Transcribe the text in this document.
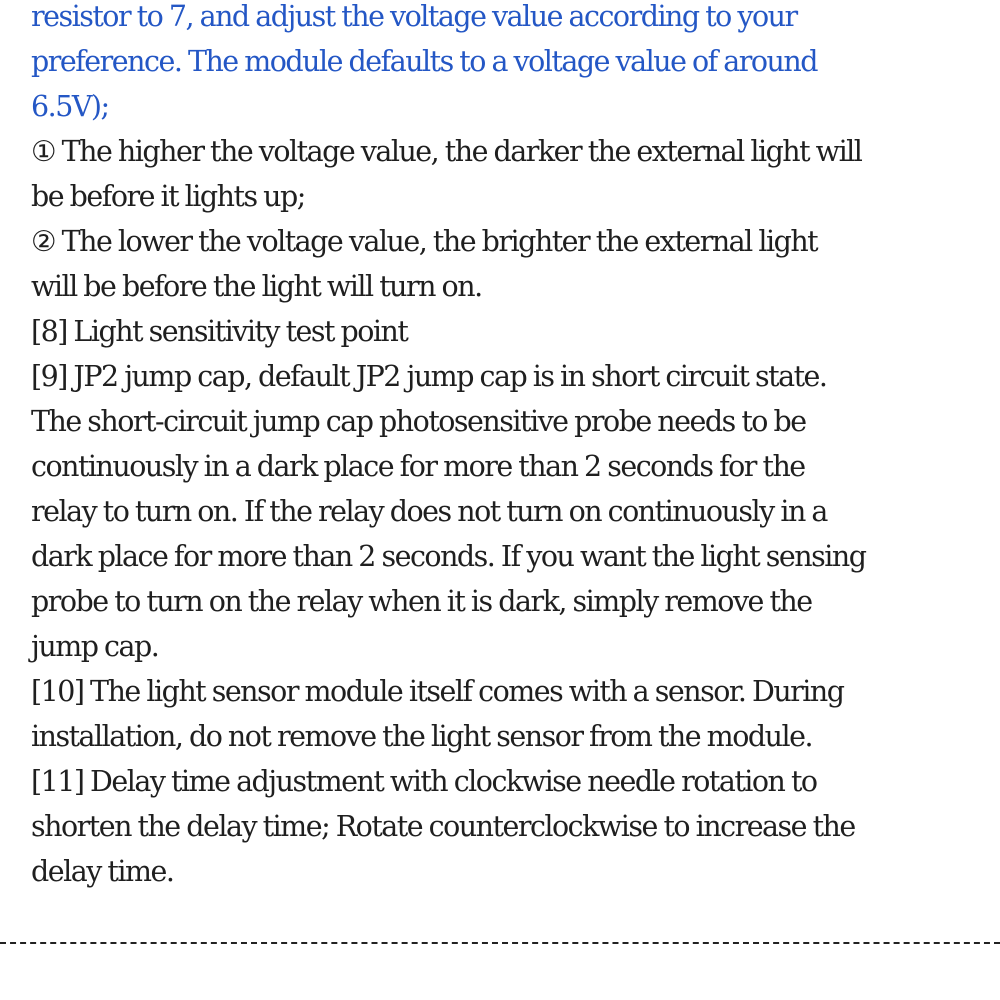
resistor to 7, and adjust the voltage value according to your
preference. The module defaults to a voltage value of around
6.5V);
① The higher the voltage value, the darker the external light will
be before it lights up;
② The lower the voltage value, the brighter the external light
will be before the light will turn on.
[8] Light sensitivity test point
[9] JP2 jump cap, default JP2 jump cap is in short circuit state.
The short-circuit jump cap photosensitive probe needs to be
continuously in a dark place for more than 2 seconds for the
relay to turn on. If the relay does not turn on continuously in a
dark place for more than 2 seconds. If you want the light sensing
probe to turn on the relay when it is dark, simply remove the
jump cap.
[10] The light sensor module itself comes with a sensor. During
installation, do not remove the light sensor from the module.
[11] Delay time adjustment with clockwise needle rotation to
shorten the delay time; Rotate counterclockwise to increase the
delay time.
